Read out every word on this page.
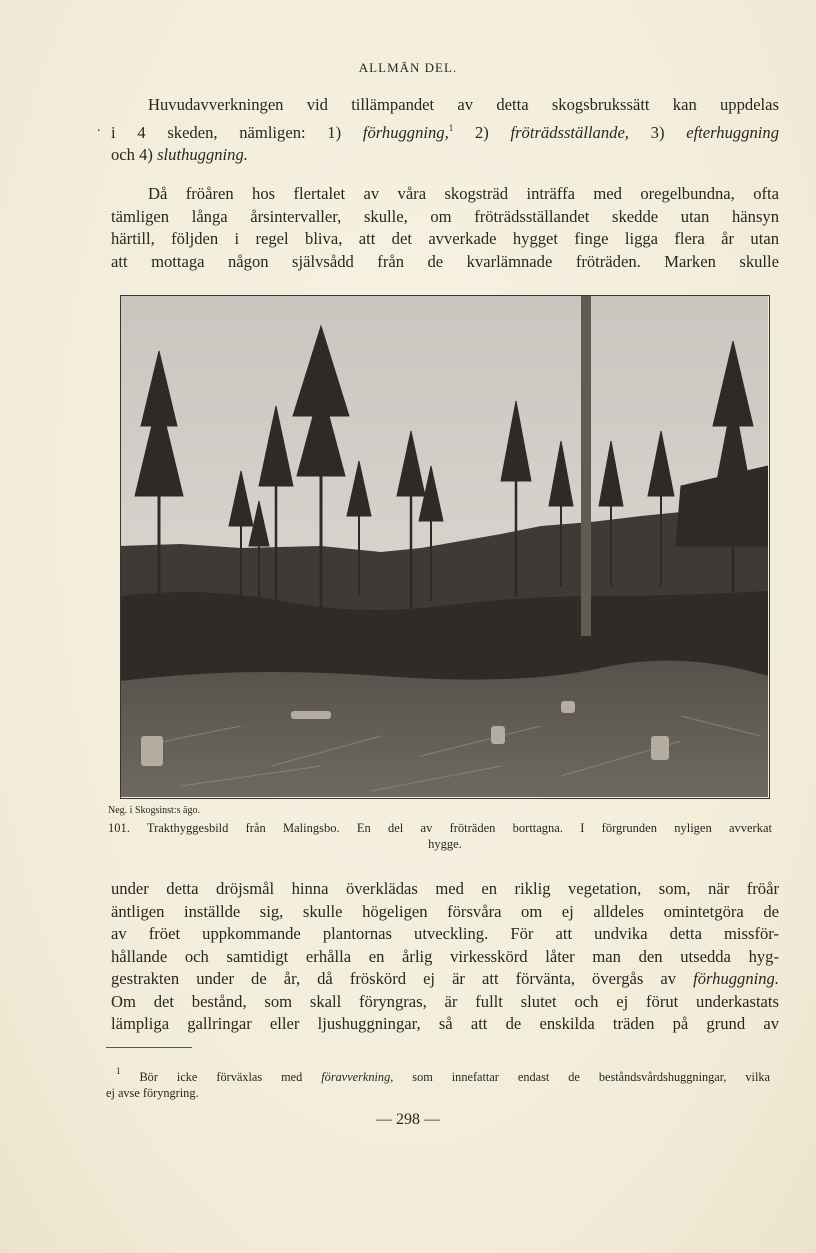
ALLMÄN DEL.
.
Huvudavverkningen vid tillämpandet av detta skogsbrukssätt kan uppdelas
i 4 skeden, nämligen: 1) förhuggning,$^1$ 2) fröträdsställande, 3) efterhuggning
och 4) sluthuggning.
Då fröåren hos flertalet av våra skogsträd inträffa med oregelbundna, ofta
tämligen långa årsintervaller, skulle, om fröträdsställandet skedde utan hänsyn
härtill, följden i regel bliva, att det avverkade hygget finge ligga flera år utan
att mottaga någon självsådd från de kvarlämnade fröträden. Marken skulle
Neg. i Skogsinst:s ägo.
101. Trakthyggesbild från Malingsbo. En del av fröträden borttagna. I förgrunden nyligen avverkat
hygge.
under detta dröjsmål hinna överklädas med en riklig vegetation, som, när fröår
äntligen inställde sig, skulle högeligen försvåra om ej alldeles omintetgöra de
av fröet uppkommande plantornas utveckling. För att undvika detta missför-
hållande och samtidigt erhålla en årlig virkesskörd låter man den utsedda hyg-
gestrakten under de år, då fröskörd ej är att förvänta, övergås av förhuggning.
Om det bestånd, som skall föryngras, är fullt slutet och ej förut underkastats
lämpliga gallringar eller ljushuggningar, så att de enskilda träden på grund av
$^1$ Bör icke förväxlas med föravverkning, som innefattar endast de beståndsvårdshuggningar, vilka
ej avse föryngring.
— 298 —
